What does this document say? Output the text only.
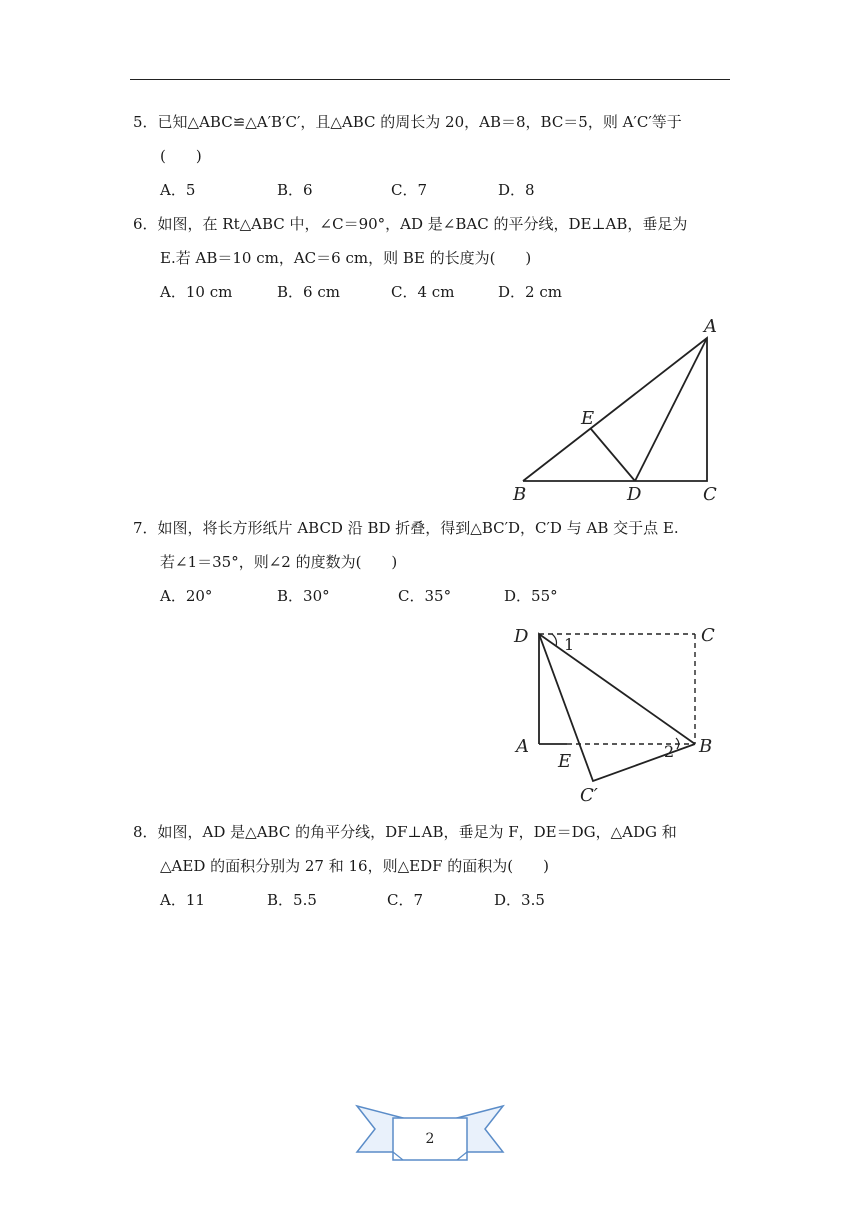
5．已知△ABC≌△A′B′C′，且△ABC 的周长为 20，AB＝8，BC＝5，则 A′C′等于
(　　)
A．5	B．6	C．7	D．8
6．如图，在 Rt△ABC 中，∠C＝90°，AD 是∠BAC 的平分线，DE⊥AB，垂足为
E.若 AB＝10 cm，AC＝6 cm，则 BE 的长度为(　　)
A．10 cm	B．6 cm	C．4 cm	D．2 cm
A
B	C
D
E
7．如图，将长方形纸片 ABCD 沿 BD 折叠，得到△BC′D，C′D 与 AB 交于点 E.
若∠1＝35°，则∠2 的度数为(　　)
A．20°	B．30°	C．35°	D．55°
D	C
A
E
B
C′
1
2
8．如图，AD 是△ABC 的角平分线，DF⊥AB，垂足为 F，DE＝DG，△ADG 和
△AED 的面积分别为 27 和 16，则△EDF 的面积为(　　)
A．11	B．5.5	C．7	D．3.5
2
